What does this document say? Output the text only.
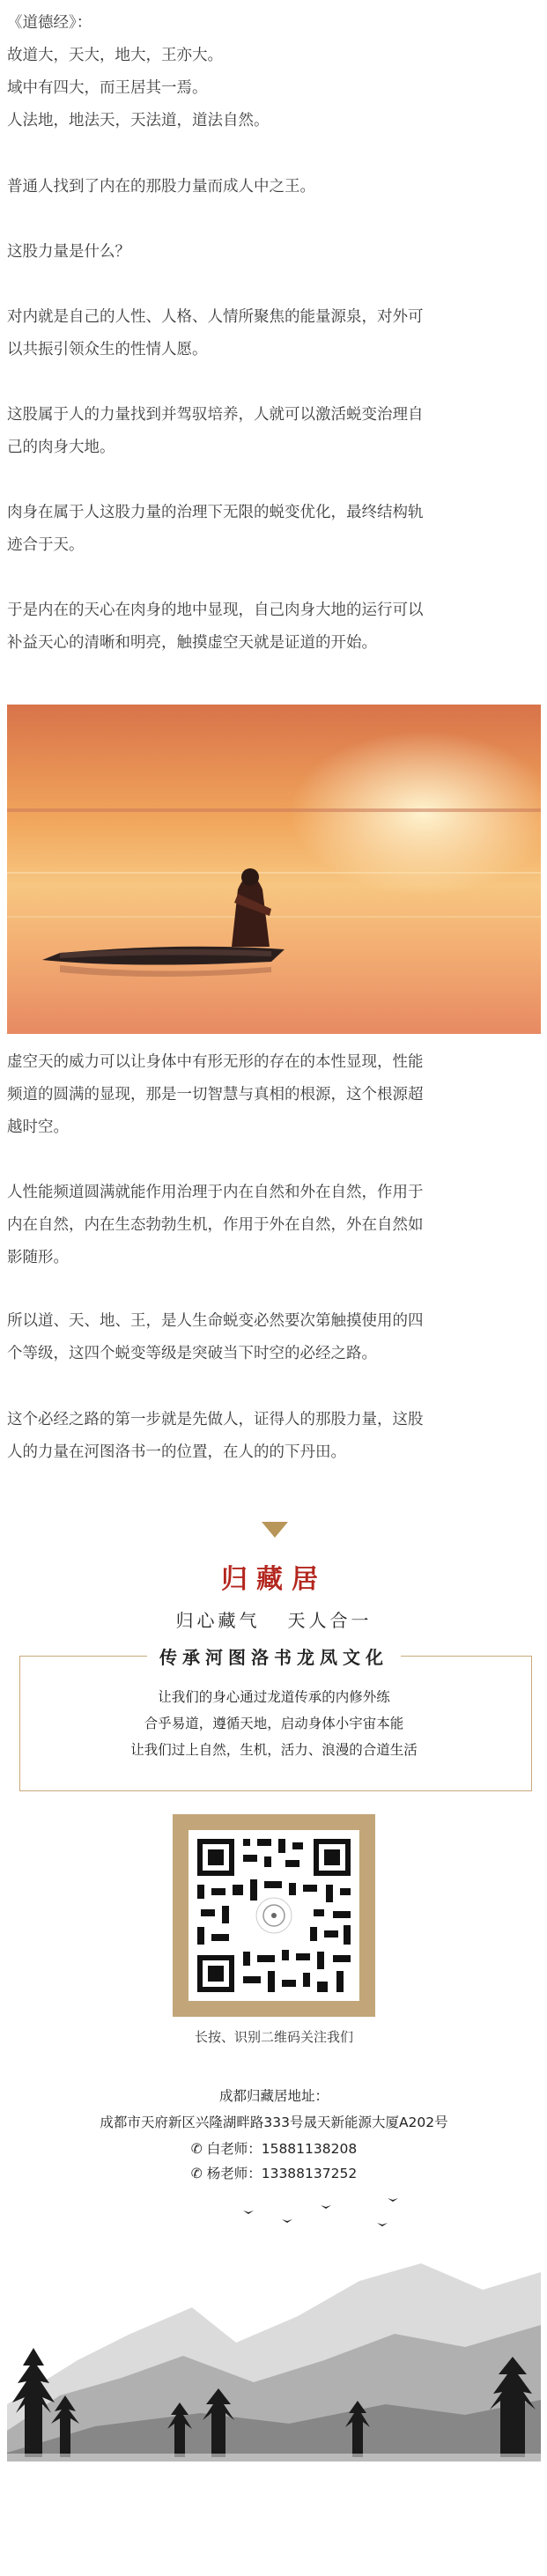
《道德经》：
故道大，天大，地大，王亦大。
域中有四大，而王居其一焉。
人法地，地法天，天法道，道法自然。
普通人找到了内在的那股力量而成人中之王。
这股力量是什么？
对内就是自己的人性、人格、人情所聚焦的能量源泉，对外可
以共振引领众生的性情人愿。
这股属于人的力量找到并驾驭培养，人就可以激活蜕变治理自
己的肉身大地。
肉身在属于人这股力量的治理下无限的蜕变优化，最终结构轨
迹合于天。
于是内在的天心在肉身的地中显现，自己肉身大地的运行可以
补益天心的清晰和明亮，触摸虚空天就是证道的开始。
虚空天的威力可以让身体中有形无形的存在的本性显现，性能
频道的圆满的显现，那是一切智慧与真相的根源，这个根源超
越时空。
人性能频道圆满就能作用治理于内在自然和外在自然，作用于
内在自然，内在生态勃勃生机，作用于外在自然，外在自然如
影随形。
所以道、天、地、王，是人生命蜕变必然要次第触摸使用的四
个等级，这四个蜕变等级是突破当下时空的必经之路。
这个必经之路的第一步就是先做人，证得人的那股力量，这股
人的力量在河图洛书一的位置，在人的的下丹田。
归藏居
归心藏气   天人合一
传承河图洛书龙凤文化
让我们的身心通过龙道传承的内修外练
合乎易道，遵循天地，启动身体小宇宙本能
让我们过上自然，生机，活力、浪漫的合道生活
长按、识别二维码关注我们
成都归藏居地址：
成都市天府新区兴隆湖畔路333号晟天新能源大厦A202号
✆ 白老师：15881138208
✆ 杨老师：13388137252
